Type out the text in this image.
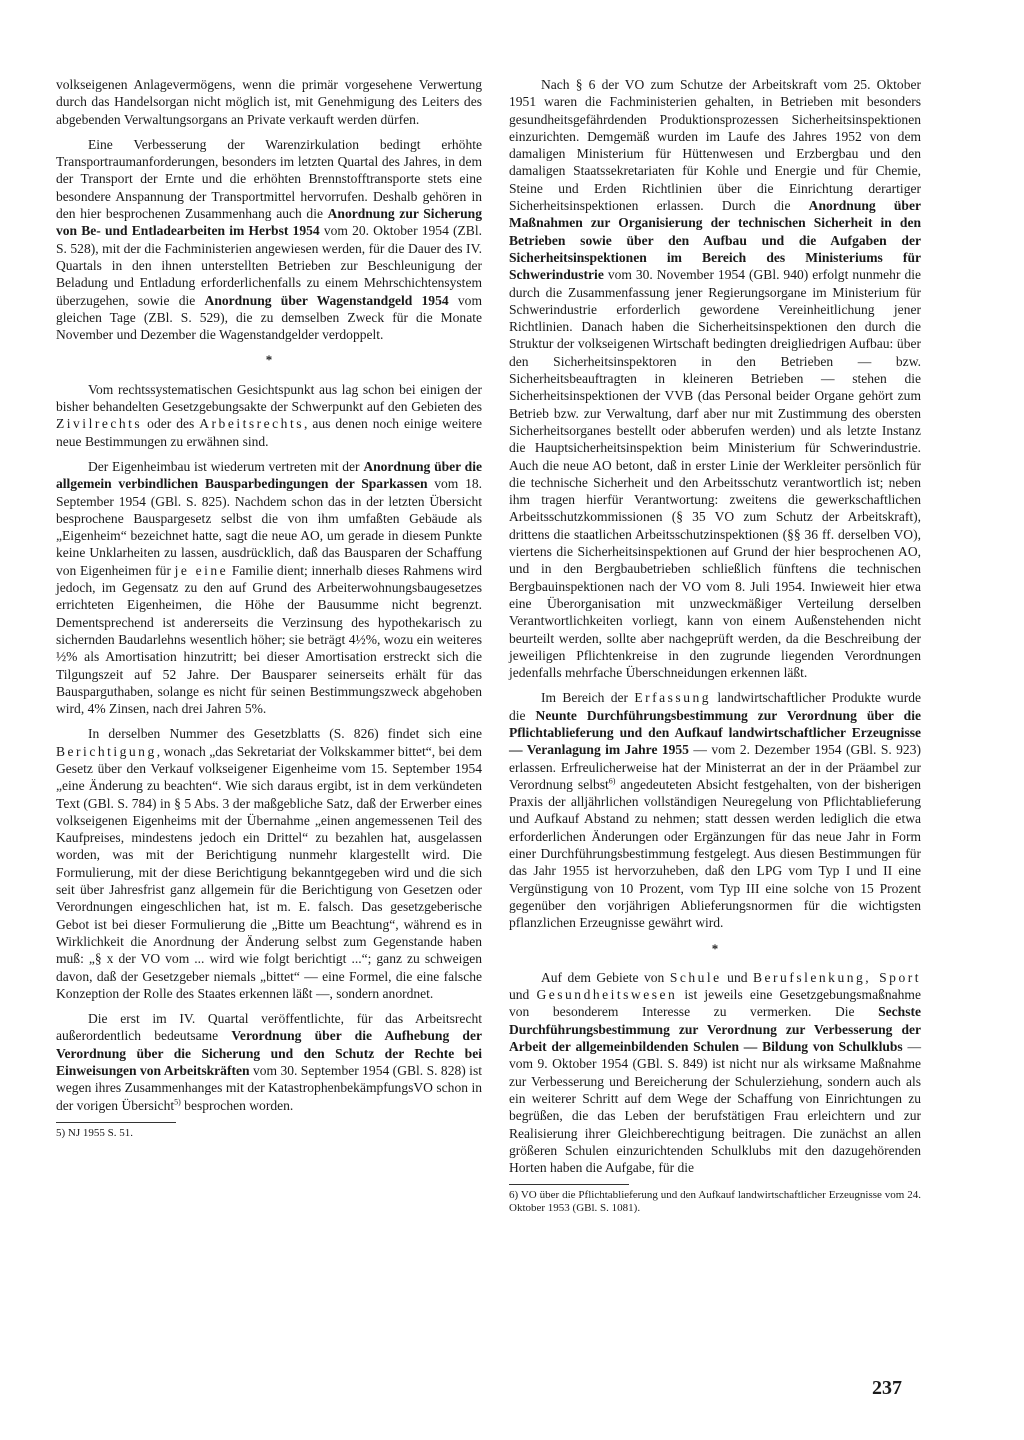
volkseigenen Anlagevermögens, wenn die primär vorgesehene Verwertung durch das Handelsorgan nicht möglich ist, mit Genehmigung des Leiters des abgebenden Verwaltungsorgans an Private verkauft werden dürfen.

Eine Verbesserung der Warenzirkulation bedingt erhöhte Transportraumanforderungen, besonders im letzten Quartal des Jahres, in dem der Transport der Ernte und die erhöhten Brennstofftransporte stets eine besondere Anspannung der Transportmittel hervorrufen. Deshalb gehören in den hier besprochenen Zusammenhang auch die Anordnung zur Sicherung von Be- und Entladearbeiten im Herbst 1954 vom 20. Oktober 1954 (ZBl. S. 528), mit der die Fachministerien angewiesen werden, für die Dauer des IV. Quartals in den ihnen unterstellten Betrieben zur Beschleunigung der Beladung und Entladung erforderlichenfalls zu einem Mehrschichtensystem überzugehen, sowie die Anordnung über Wagenstandgeld 1954 vom gleichen Tage (ZBl. S. 529), die zu demselben Zweck für die Monate November und Dezember die Wagenstandgelder verdoppelt.

*

Vom rechtssystematischen Gesichtspunkt aus lag schon bei einigen der bisher behandelten Gesetzgebungsakte der Schwerpunkt auf den Gebieten des Zivilrechts oder des Arbeitsrechts, aus denen noch einige weitere neue Bestimmungen zu erwähnen sind.

Der Eigenheimbau ist wiederum vertreten mit der Anordnung über die allgemein verbindlichen Bausparbedingungen der Sparkassen vom 18. September 1954 (GBl. S. 825). Nachdem schon das in der letzten Übersicht besprochene Bauspargesetz selbst die von ihm umfaßten Gebäude als „Eigenheim“ bezeichnet hatte, sagt die neue AO, um gerade in diesem Punkte keine Unklarheiten zu lassen, ausdrücklich, daß das Bausparen der Schaffung von Eigenheimen für je eine Familie dient; innerhalb dieses Rahmens wird jedoch, im Gegensatz zu den auf Grund des Arbeiterwohnungsbaugesetzes errichteten Eigenheimen, die Höhe der Bausumme nicht begrenzt. Dementsprechend ist andererseits die Verzinsung des hypothekarisch zu sichernden Baudarlehns wesentlich höher; sie beträgt 4½%, wozu ein weiteres ½% als Amortisation hinzutritt; bei dieser Amortisation erstreckt sich die Tilgungszeit auf 52 Jahre. Der Bausparer seinerseits erhält für das Bausparguthaben, solange es nicht für seinen Bestimmungszweck abgehoben wird, 4% Zinsen, nach drei Jahren 5%.

In derselben Nummer des Gesetzblatts (S. 826) findet sich eine Berichtigung, wonach „das Sekretariat der Volkskammer bittet“, bei dem Gesetz über den Verkauf volkseigener Eigenheime vom 15. September 1954 „eine Änderung zu beachten“. Wie sich daraus ergibt, ist in dem verkündeten Text (GBl. S. 784) in § 5 Abs. 3 der maßgebliche Satz, daß der Erwerber eines volkseigenen Eigenheims mit der Übernahme „einen angemessenen Teil des Kaufpreises, mindestens jedoch ein Drittel“ zu bezahlen hat, ausgelassen worden, was mit der Berichtigung nunmehr klargestellt wird. Die Formulierung, mit der diese Berichtigung bekanntgegeben wird und die sich seit über Jahresfrist ganz allgemein für die Berichtigung von Gesetzen oder Verordnungen eingeschlichen hat, ist m. E. falsch. Das gesetzgeberische Gebot ist bei dieser Formulierung die „Bitte um Beachtung“, während es in Wirklichkeit die Anordnung der Änderung selbst zum Gegenstande haben muß: „§ x der VO vom ... wird wie folgt berichtigt ...“; ganz zu schweigen davon, daß der Gesetzgeber niemals „bittet“ — eine Formel, die eine falsche Konzeption der Rolle des Staates erkennen läßt —, sondern anordnet.

Die erst im IV. Quartal veröffentlichte, für das Arbeitsrecht außerordentlich bedeutsame Verordnung über die Aufhebung der Verordnung über die Sicherung und den Schutz der Rechte bei Einweisungen von Arbeitskräften vom 30. September 1954 (GBl. S. 828) ist wegen ihres Zusammenhanges mit der KatastrophenbekämpfungsVO schon in der vorigen Übersicht$^{5)}$ besprochen worden.

5) NJ 1955 S. 51.

Nach § 6 der VO zum Schutze der Arbeitskraft vom 25. Oktober 1951 waren die Fachministerien gehalten, in Betrieben mit besonders gesundheitsgefährdenden Produktionsprozessen Sicherheitsinspektionen einzurichten. Demgemäß wurden im Laufe des Jahres 1952 von dem damaligen Ministerium für Hüttenwesen und Erzbergbau und den damaligen Staatssekretariaten für Kohle und Energie und für Chemie, Steine und Erden Richtlinien über die Einrichtung derartiger Sicherheitsinspektionen erlassen. Durch die Anordnung über Maßnahmen zur Organisierung der technischen Sicherheit in den Betrieben sowie über den Aufbau und die Aufgaben der Sicherheitsinspektionen im Bereich des Ministeriums für Schwerindustrie vom 30. November 1954 (GBl. 940) erfolgt nunmehr die durch die Zusammenfassung jener Regierungsorgane im Ministerium für Schwerindustrie erforderlich gewordene Vereinheitlichung jener Richtlinien. Danach haben die Sicherheitsinspektionen den durch die Struktur der volkseigenen Wirtschaft bedingten dreigliedrigen Aufbau: über den Sicherheitsinspektoren in den Betrieben — bzw. Sicherheitsbeauftragten in kleineren Betrieben — stehen die Sicherheitsinspektionen der VVB (das Personal beider Organe gehört zum Betrieb bzw. zur Verwaltung, darf aber nur mit Zustimmung des obersten Sicherheitsorganes bestellt oder abberufen werden) und als letzte Instanz die Hauptsicherheitsinspektion beim Ministerium für Schwerindustrie. Auch die neue AO betont, daß in erster Linie der Werkleiter persönlich für die technische Sicherheit und den Arbeitsschutz verantwortlich ist; neben ihm tragen hierfür Verantwortung: zweitens die gewerkschaftlichen Arbeitsschutzkommissionen (§ 35 VO zum Schutz der Arbeitskraft), drittens die staatlichen Arbeitsschutzinspektionen (§§ 36 ff. derselben VO), viertens die Sicherheitsinspektionen auf Grund der hier besprochenen AO, und in den Bergbaubetrieben schließlich fünftens die technischen Bergbauinspektionen nach der VO vom 8. Juli 1954. Inwieweit hier etwa eine Überorganisation mit unzweckmäßiger Verteilung derselben Verantwortlichkeiten vorliegt, kann von einem Außenstehenden nicht beurteilt werden, sollte aber nachgeprüft werden, da die Beschreibung der jeweiligen Pflichtenkreise in den zugrunde liegenden Verordnungen jedenfalls mehrfache Überschneidungen erkennen läßt.

Im Bereich der Erfassung landwirtschaftlicher Produkte wurde die Neunte Durchführungsbestimmung zur Verordnung über die Pflichtablieferung und den Aufkauf landwirtschaftlicher Erzeugnisse — Veranlagung im Jahre 1955 — vom 2. Dezember 1954 (GBl. S. 923) erlassen. Erfreulicherweise hat der Ministerrat an der in der Präambel zur Verordnung selbst$^{6)}$ angedeuteten Absicht festgehalten, von der bisherigen Praxis der alljährlichen vollständigen Neuregelung von Pflichtablieferung und Aufkauf Abstand zu nehmen; statt dessen werden lediglich die etwa erforderlichen Änderungen oder Ergänzungen für das neue Jahr in Form einer Durchführungsbestimmung festgelegt. Aus diesen Bestimmungen für das Jahr 1955 ist hervorzuheben, daß den LPG vom Typ I und II eine Vergünstigung von 10 Prozent, vom Typ III eine solche von 15 Prozent gegenüber den vorjährigen Ablieferungsnormen für die wichtigsten pflanzlichen Erzeugnisse gewährt wird.

*

Auf dem Gebiete von Schule und Berufslenkung, Sport und Gesundheitswesen ist jeweils eine Gesetzgebungsmaßnahme von besonderem Interesse zu vermerken. Die Sechste Durchführungsbestimmung zur Verordnung zur Verbesserung der Arbeit der allgemeinbildenden Schulen — Bildung von Schulklubs — vom 9. Oktober 1954 (GBl. S. 849) ist nicht nur als wirksame Maßnahme zur Verbesserung und Bereicherung der Schulerziehung, sondern auch als ein weiterer Schritt auf dem Wege der Schaffung von Einrichtungen zu begrüßen, die das Leben der berufstätigen Frau erleichtern und zur Realisierung ihrer Gleichberechtigung beitragen. Die zunächst an allen größeren Schulen einzurichtenden Schulklubs mit den dazugehörenden Horten haben die Aufgabe, für die

6) VO über die Pflichtablieferung und den Aufkauf landwirtschaftlicher Erzeugnisse vom 24. Oktober 1953 (GBl. S. 1081).

237
